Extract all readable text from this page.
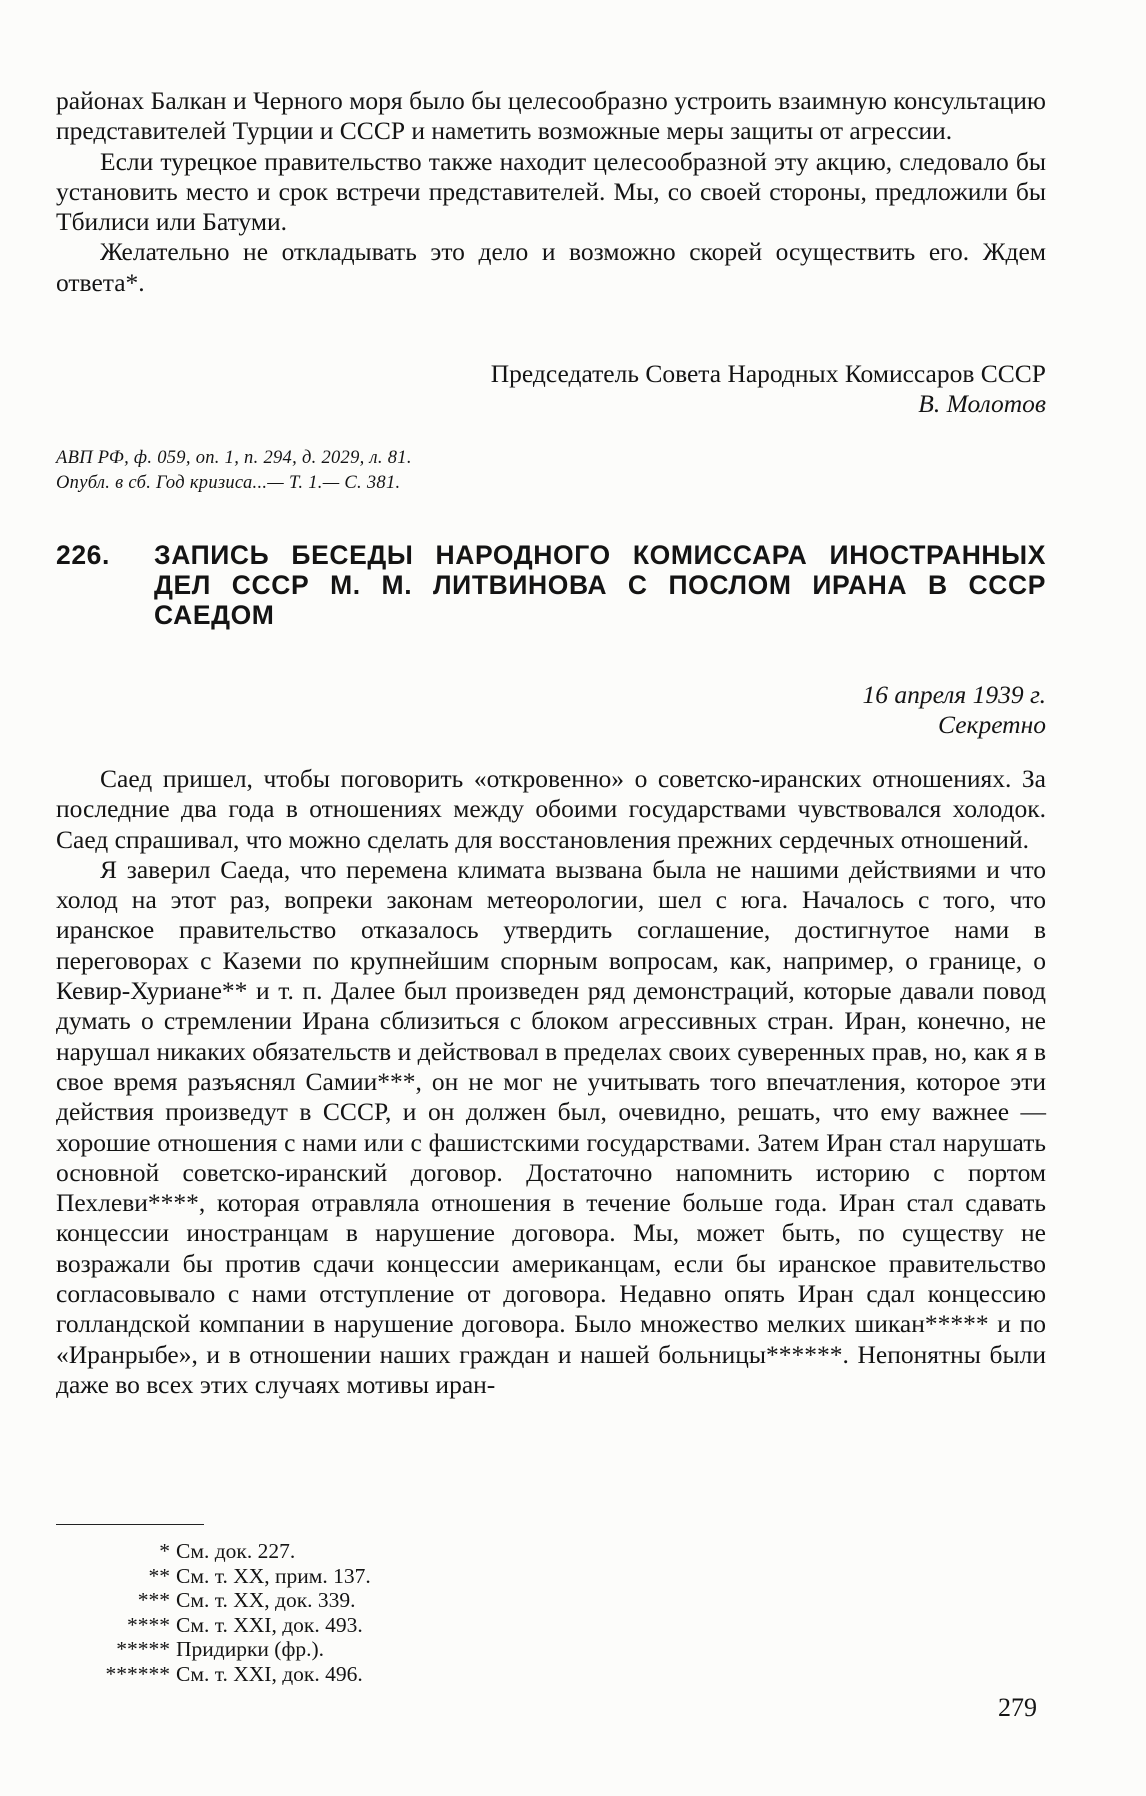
районах Балкан и Черного моря было бы целесообразно устроить взаимную консультацию представителей Турции и СССР и наметить возможные меры защиты от агрессии.

Если турецкое правительство также находит целесообразной эту акцию, следовало бы установить место и срок встречи представителей. Мы, со своей стороны, предложили бы Тбилиси или Батуми.

Желательно не откладывать это дело и возможно скорей осуществить его. Ждем ответа*.

Председатель Совета Народных Комиссаров СССР
В. Молотов
АВП РФ, ф. 059, оп. 1, п. 294, д. 2029, л. 81.
Опубл. в сб. Год кризиса...— Т. 1.— С. 381.
226.	ЗАПИСЬ БЕСЕДЫ НАРОДНОГО КОМИССАРА ИНОСТРАННЫХ ДЕЛ СССР М. М. ЛИТВИНОВА С ПОСЛОМ ИРАНА В СССР САЕДОМ
16 апреля 1939 г.
Секретно

Саед пришел, чтобы поговорить «откровенно» о советско-иранских отношениях. За последние два года в отношениях между обоими государствами чувствовался холодок. Саед спрашивал, что можно сделать для восстановления прежних сердечных отношений.

Я заверил Саеда, что перемена климата вызвана была не нашими действиями и что холод на этот раз, вопреки законам метеорологии, шел с юга. Началось с того, что иранское правительство отказалось утвердить соглашение, достигнутое нами в переговорах с Каземи по крупнейшим спорным вопросам, как, например, о границе, о Кевир-Хуриане** и т. п. Далее был произведен ряд демонстраций, которые давали повод думать о стремлении Ирана сблизиться с блоком агрессивных стран. Иран, конечно, не нарушал никаких обязательств и действовал в пределах своих суверенных прав, но, как я в свое время разъяснял Самии***, он не мог не учитывать того впечатления, которое эти действия произведут в СССР, и он должен был, очевидно, решать, что ему важнее — хорошие отношения с нами или с фашистскими государствами. Затем Иран стал нарушать основной советско-иранский договор. Достаточно напомнить историю с портом Пехлеви****, которая отравляла отношения в течение больше года. Иран стал сдавать концессии иностранцам в нарушение договора. Мы, может быть, по существу не возражали бы против сдачи концессии американцам, если бы иранское правительство согласовывало с нами отступление от договора. Недавно опять Иран сдал концессию голландской компании в нарушение договора. Было множество мелких шикан***** и по «Иранрыбе», и в отношении наших граждан и нашей больницы******. Непонятны были даже во всех этих случаях мотивы иран-

* См. док. 227.
** См. т. XX, прим. 137.
*** См. т. XX, док. 339.
**** См. т. XXI, док. 493.
***** Придирки (фр.).
****** См. т. XXI, док. 496.
279
